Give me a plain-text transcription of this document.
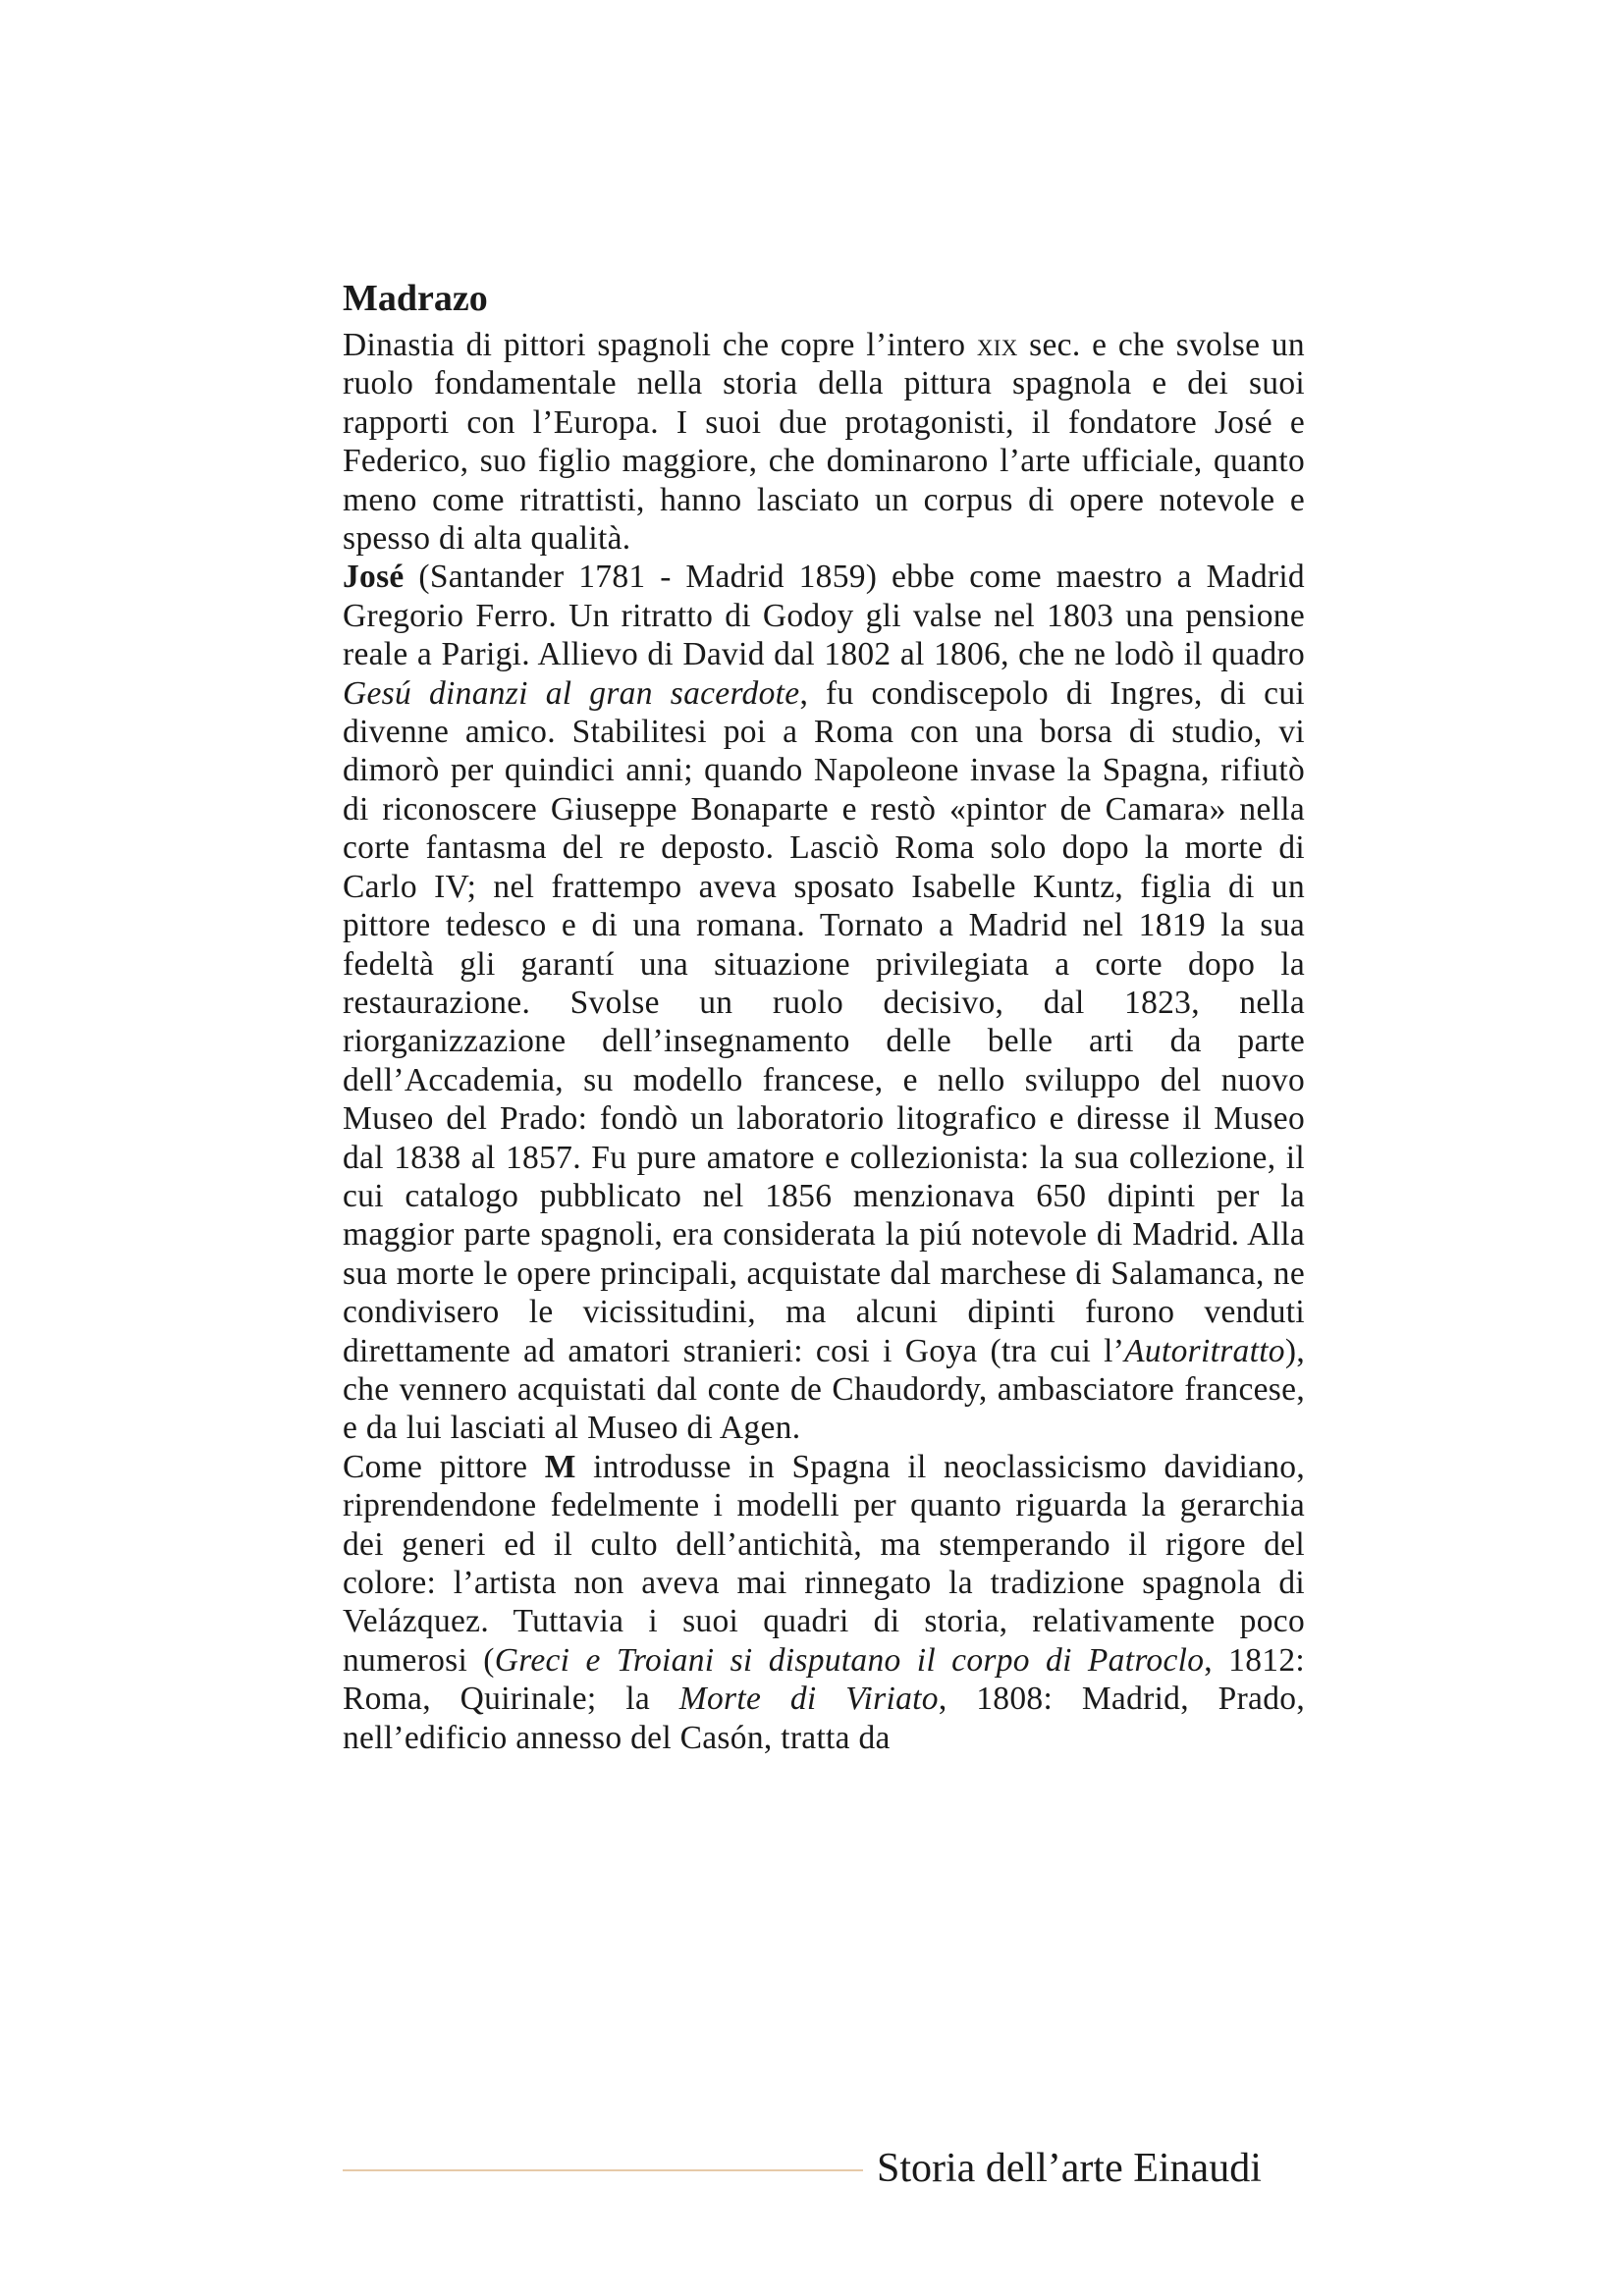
Madrazo

Dinastia di pittori spagnoli che copre l’intero xix sec. e che svolse un ruolo fondamentale nella storia della pittura spagnola e dei suoi rapporti con l’Europa. I suoi due protagonisti, il fondatore José e Federico, suo figlio maggiore, che dominarono l’arte ufficiale, quanto meno come ritrattisti, hanno lasciato un corpus di opere notevole e spesso di alta qualità.

José (Santander 1781 - Madrid 1859) ebbe come maestro a Madrid Gregorio Ferro. Un ritratto di Godoy gli valse nel 1803 una pensione reale a Parigi. Allievo di David dal 1802 al 1806, che ne lodò il quadro Gesú dinanzi al gran sacerdote, fu condiscepolo di Ingres, di cui divenne amico. Stabilitesi poi a Roma con una borsa di studio, vi dimorò per quindici anni; quando Napoleone invase la Spagna, rifiutò di riconoscere Giuseppe Bonaparte e restò «pintor de Camara» nella corte fantasma del re deposto. Lasciò Roma solo dopo la morte di Carlo IV; nel frattempo aveva sposato Isabelle Kuntz, figlia di un pittore tedesco e di una romana. Tornato a Madrid nel 1819 la sua fedeltà gli garantí una situazione privilegiata a corte dopo la restaurazione. Svolse un ruolo decisivo, dal 1823, nella riorganizzazione dell’insegnamento delle belle arti da parte dell’Accademia, su modello francese, e nello sviluppo del nuovo Museo del Prado: fondò un laboratorio litografico e diresse il Museo dal 1838 al 1857. Fu pure amatore e collezionista: la sua collezione, il cui catalogo pubblicato nel 1856 menzionava 650 dipinti per la maggior parte spagnoli, era considerata la piú notevole di Madrid. Alla sua morte le opere principali, acquistate dal marchese di Salamanca, ne condivisero le vicissitudini, ma alcuni dipinti furono venduti direttamente ad amatori stranieri: cosi i Goya (tra cui l’Autoritratto), che vennero acquistati dal conte de Chaudordy, ambasciatore francese, e da lui lasciati al Museo di Agen.

Come pittore M introdusse in Spagna il neoclassicismo davidiano, riprendendone fedelmente i modelli per quanto riguarda la gerarchia dei generi ed il culto dell’antichità, ma stemperando il rigore del colore: l’artista non aveva mai rinnegato la tradizione spagnola di Velázquez. Tuttavia i suoi quadri di storia, relativamente poco numerosi (Greci e Troiani si disputano il corpo di Patroclo, 1812: Roma, Quirinale; la Morte di Viriato, 1808: Madrid, Prado, nell’edificio annesso del Casón, tratta da

Storia dell’arte Einaudi
